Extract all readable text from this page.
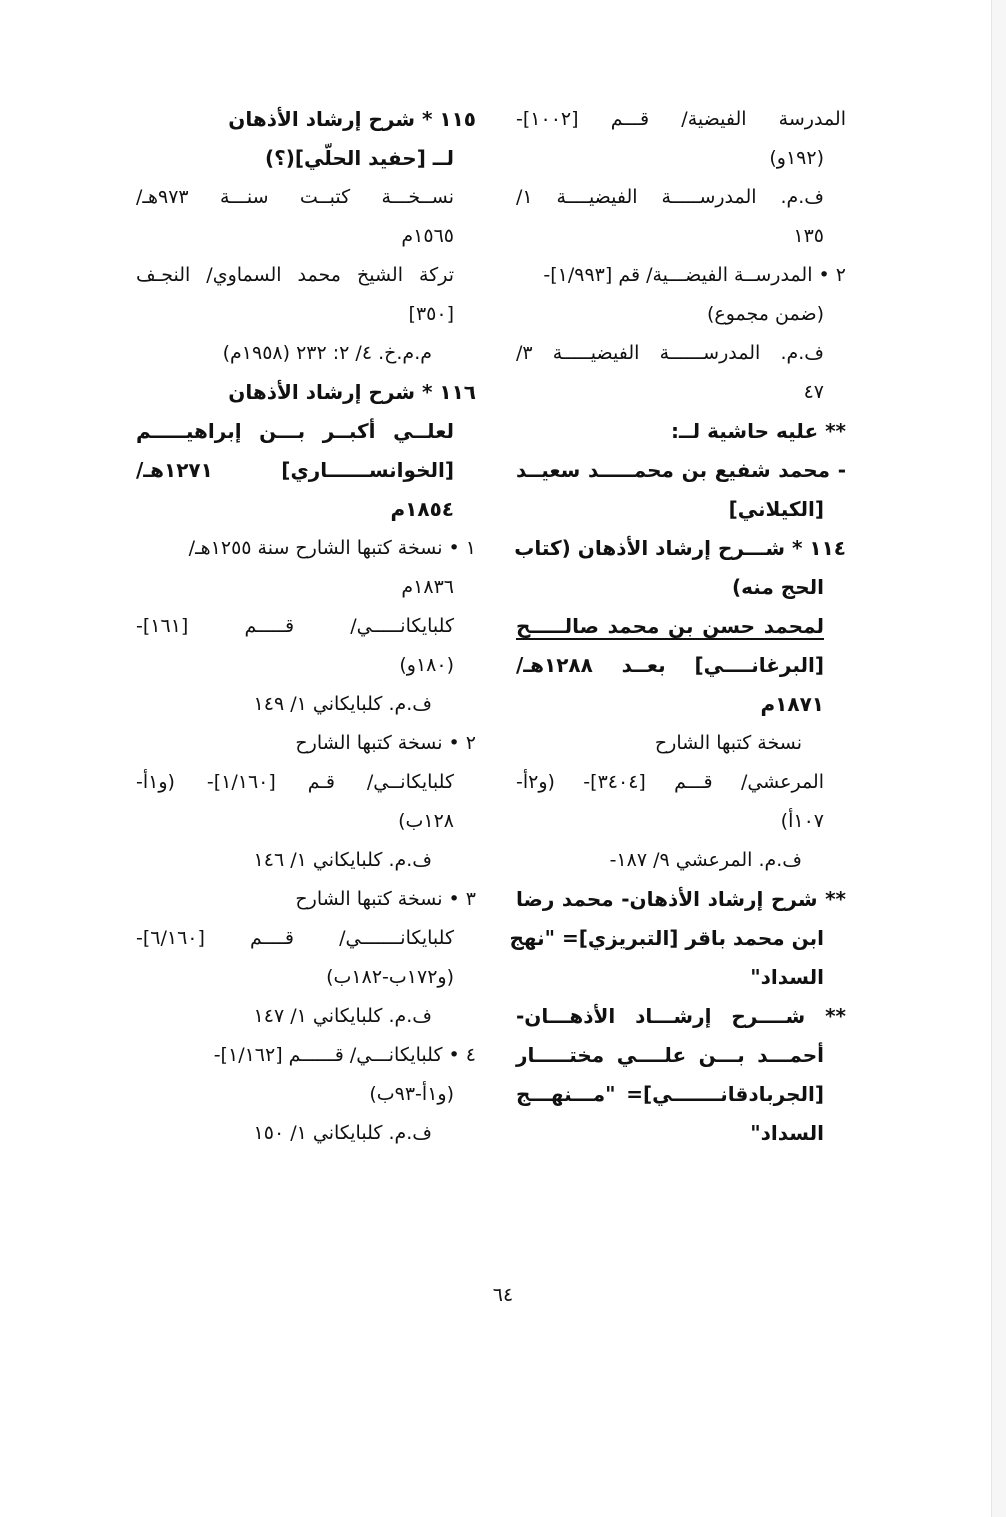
المدرسة الفيضية/ قـــم [١٠٠٢]-
(١٩٢و)
ف.م. المدرســـــة الفيضيــــة ١/
١٣٥
٢ • المدرســة الفيضـــية/ قم [١/٩٩٣]-
(ضمن مجموع)
ف.م. المدرســــــة الفيضيـــــة ٣/
٤٧
** عليه حاشية لــ:
- محمد شفيع بن محمـــــد سعيــد
[الكيلاني]
١١٤ * شـــرح إرشاد الأذهان (كتاب
الحج منه)
لمحمد حسن بن محمد صالـــــح
[البرغانــــي] بعــد ١٢٨٨هـ/
١٨٧١م
نسخة كتبها الشارح
المرعشي/ قـــم [٣٤٠٤]- (و٢أ-
١٠٧أ)
ف.م. المرعشي ٩/ ١٨٧-
** شرح إرشاد الأذهان- محمد رضا
ابن محمد باقر [التبريزي]= "نهج
السداد"
** شــــرح إرشـــاد الأذهـــان-
أحمـــد بـــن علــــي مختـــــار
[الجربادقانـــــــي]= "مـــنهـــج
السداد"
١١٥ * شرح إرشاد الأذهان
لــ [حفيد الحلّي](؟)
نســخـــة كتبــت سنـــة ٩٧٣هـ/
١٥٦٥م
تركة الشيخ محمد السماوي/ النجـف
[٣٥٠]
م.م.خ. ٤/ ٢: ٢٣٢ (١٩٥٨م)
١١٦ * شرح إرشاد الأذهان
لعلــي أكبــر بـــن إبراهيـــــم
[الخوانســــــاري] ١٢٧١هـ/
١٨٥٤م
١ • نسخة كتبها الشارح سنة ١٢٥٥هـ/
١٨٣٦م
كلبايكانـــــي/ قـــــم [١٦١]-
(١٨٠و)
ف.م. كلبايكاني ١/ ١٤٩
٢ • نسخة كتبها الشارح
كلبايكانــي/ قـم [١/١٦٠]- (و١أ-
١٢٨ب)
ف.م. كلبايكاني ١/ ١٤٦
٣ • نسخة كتبها الشارح
كلبايكانـــــــي/ قــــم [٦/١٦٠]-
(و١٧٢ب-١٨٢ب)
ف.م. كلبايكاني ١/ ١٤٧
٤ • كلبايكانـــي/ قــــــم [١/١٦٢]-
(و١أ-٩٣ب)
ف.م. كلبايكاني ١/ ١٥٠
٦٤
